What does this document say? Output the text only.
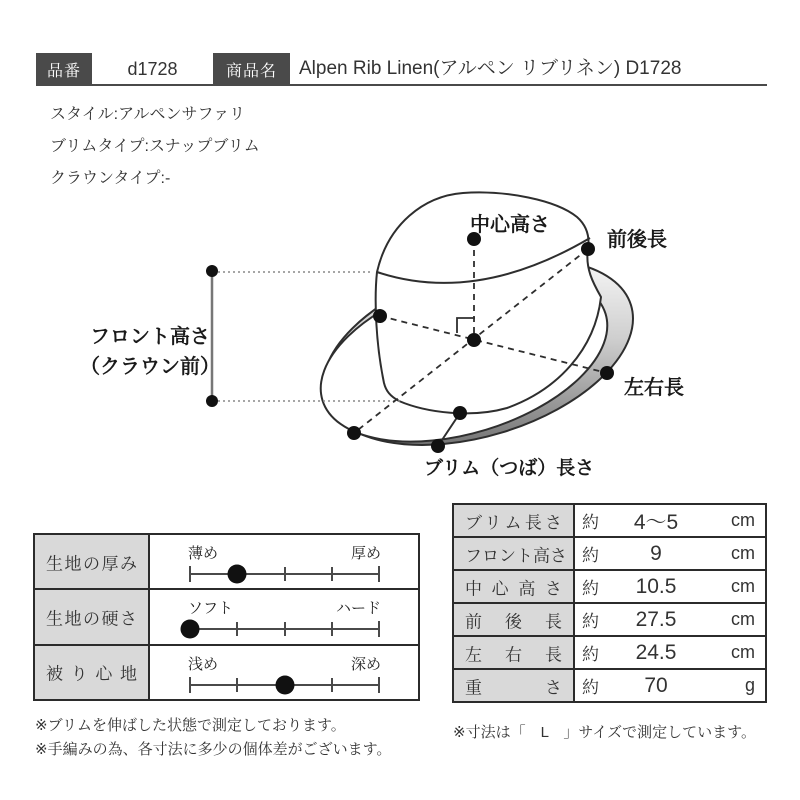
品番	d1728	商品名 Alpen Rib Linen(アルペン リブリネン) D1728
スタイル:アルペンサファリ
ブリムタイプ:スナップブリム
クラウンタイプ:-
中心高さ
前後長
左右長
ブリム（つば）長さ
フロント高さ
（クラウン前）
生地の厚み
薄め	厚め
生地の硬さ
ソフト	ハード
被り心地
浅め	深め
ブリム長さ	約	4〜5	cm
フロント高さ 約	9	cm
中心高さ	約	10.5	cm
前後長	約	27.5	cm
左右長	約	24.5	cm
重さ	約	70	g
※ブリムを伸ばした状態で測定しております。
※手編みの為、各寸法に多少の個体差がございます。
※寸法は「　L　」サイズで測定しています。
